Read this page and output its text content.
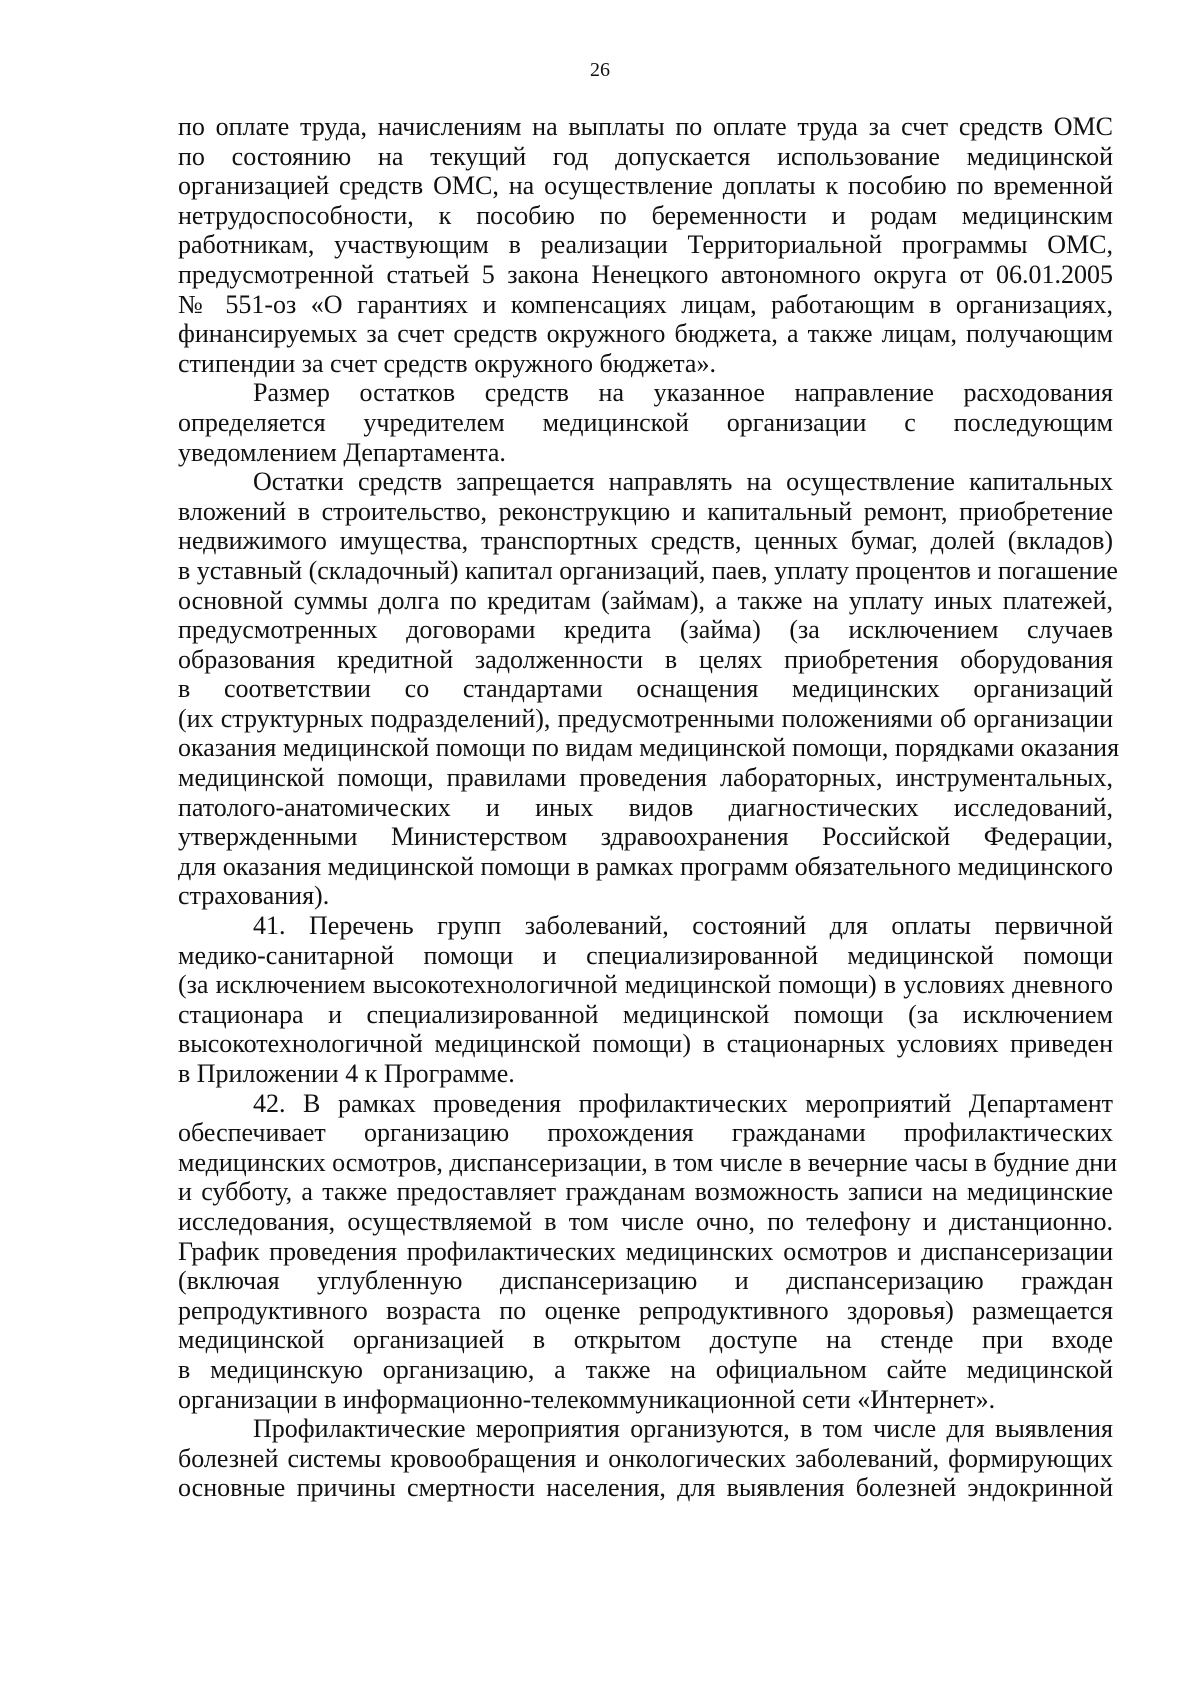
26
по оплате труда, начислениям на выплаты по оплате труда за счет средств ОМС
по состоянию на текущий год допускается использование медицинской
организацией средств ОМС, на осуществление доплаты к пособию по временной
нетрудоспособности, к пособию по беременности и родам медицинским
работникам, участвующим в реализации Территориальной программы ОМС,
предусмотренной статьей 5 закона Ненецкого автономного округа от 06.01.2005
№ 551-оз «О гарантиях и компенсациях лицам, работающим в организациях,
финансируемых за счет средств окружного бюджета, а также лицам, получающим
стипендии за счет средств окружного бюджета».
Размер остатков средств на указанное направление расходования
определяется учредителем медицинской организации с последующим
уведомлением Департамента.
Остатки средств запрещается направлять на осуществление капитальных
вложений в строительство, реконструкцию и капитальный ремонт, приобретение
недвижимого имущества, транспортных средств, ценных бумаг, долей (вкладов)
в уставный (складочный) капитал организаций, паев, уплату процентов и погашение
основной суммы долга по кредитам (займам), а также на уплату иных платежей,
предусмотренных договорами кредита (займа) (за исключением случаев
образования кредитной задолженности в целях приобретения оборудования
в соответствии со стандартами оснащения медицинских организаций
(их структурных подразделений), предусмотренными положениями об организации
оказания медицинской помощи по видам медицинской помощи, порядками оказания
медицинской помощи, правилами проведения лабораторных, инструментальных,
патолого-анатомических и иных видов диагностических исследований,
утвержденными Министерством здравоохранения Российской Федерации,
для оказания медицинской помощи в рамках программ обязательного медицинского
страхования).
41. Перечень групп заболеваний, состояний для оплаты первичной
медико-санитарной помощи и специализированной медицинской помощи
(за исключением высокотехнологичной медицинской помощи) в условиях дневного
стационара и специализированной медицинской помощи (за исключением
высокотехнологичной медицинской помощи) в стационарных условиях приведен
в Приложении 4 к Программе.
42. В рамках проведения профилактических мероприятий Департамент
обеспечивает организацию прохождения гражданами профилактических
медицинских осмотров, диспансеризации, в том числе в вечерние часы в будние дни
и субботу, а также предоставляет гражданам возможность записи на медицинские
исследования, осуществляемой в том числе очно, по телефону и дистанционно.
График проведения профилактических медицинских осмотров и диспансеризации
(включая углубленную диспансеризацию и диспансеризацию граждан
репродуктивного возраста по оценке репродуктивного здоровья) размещается
медицинской организацией в открытом доступе на стенде при входе
в медицинскую организацию, а также на официальном сайте медицинской
организации в информационно-телекоммуникационной сети «Интернет».
Профилактические мероприятия организуются, в том числе для выявления
болезней системы кровообращения и онкологических заболеваний, формирующих
основные причины смертности населения, для выявления болезней эндокринной
